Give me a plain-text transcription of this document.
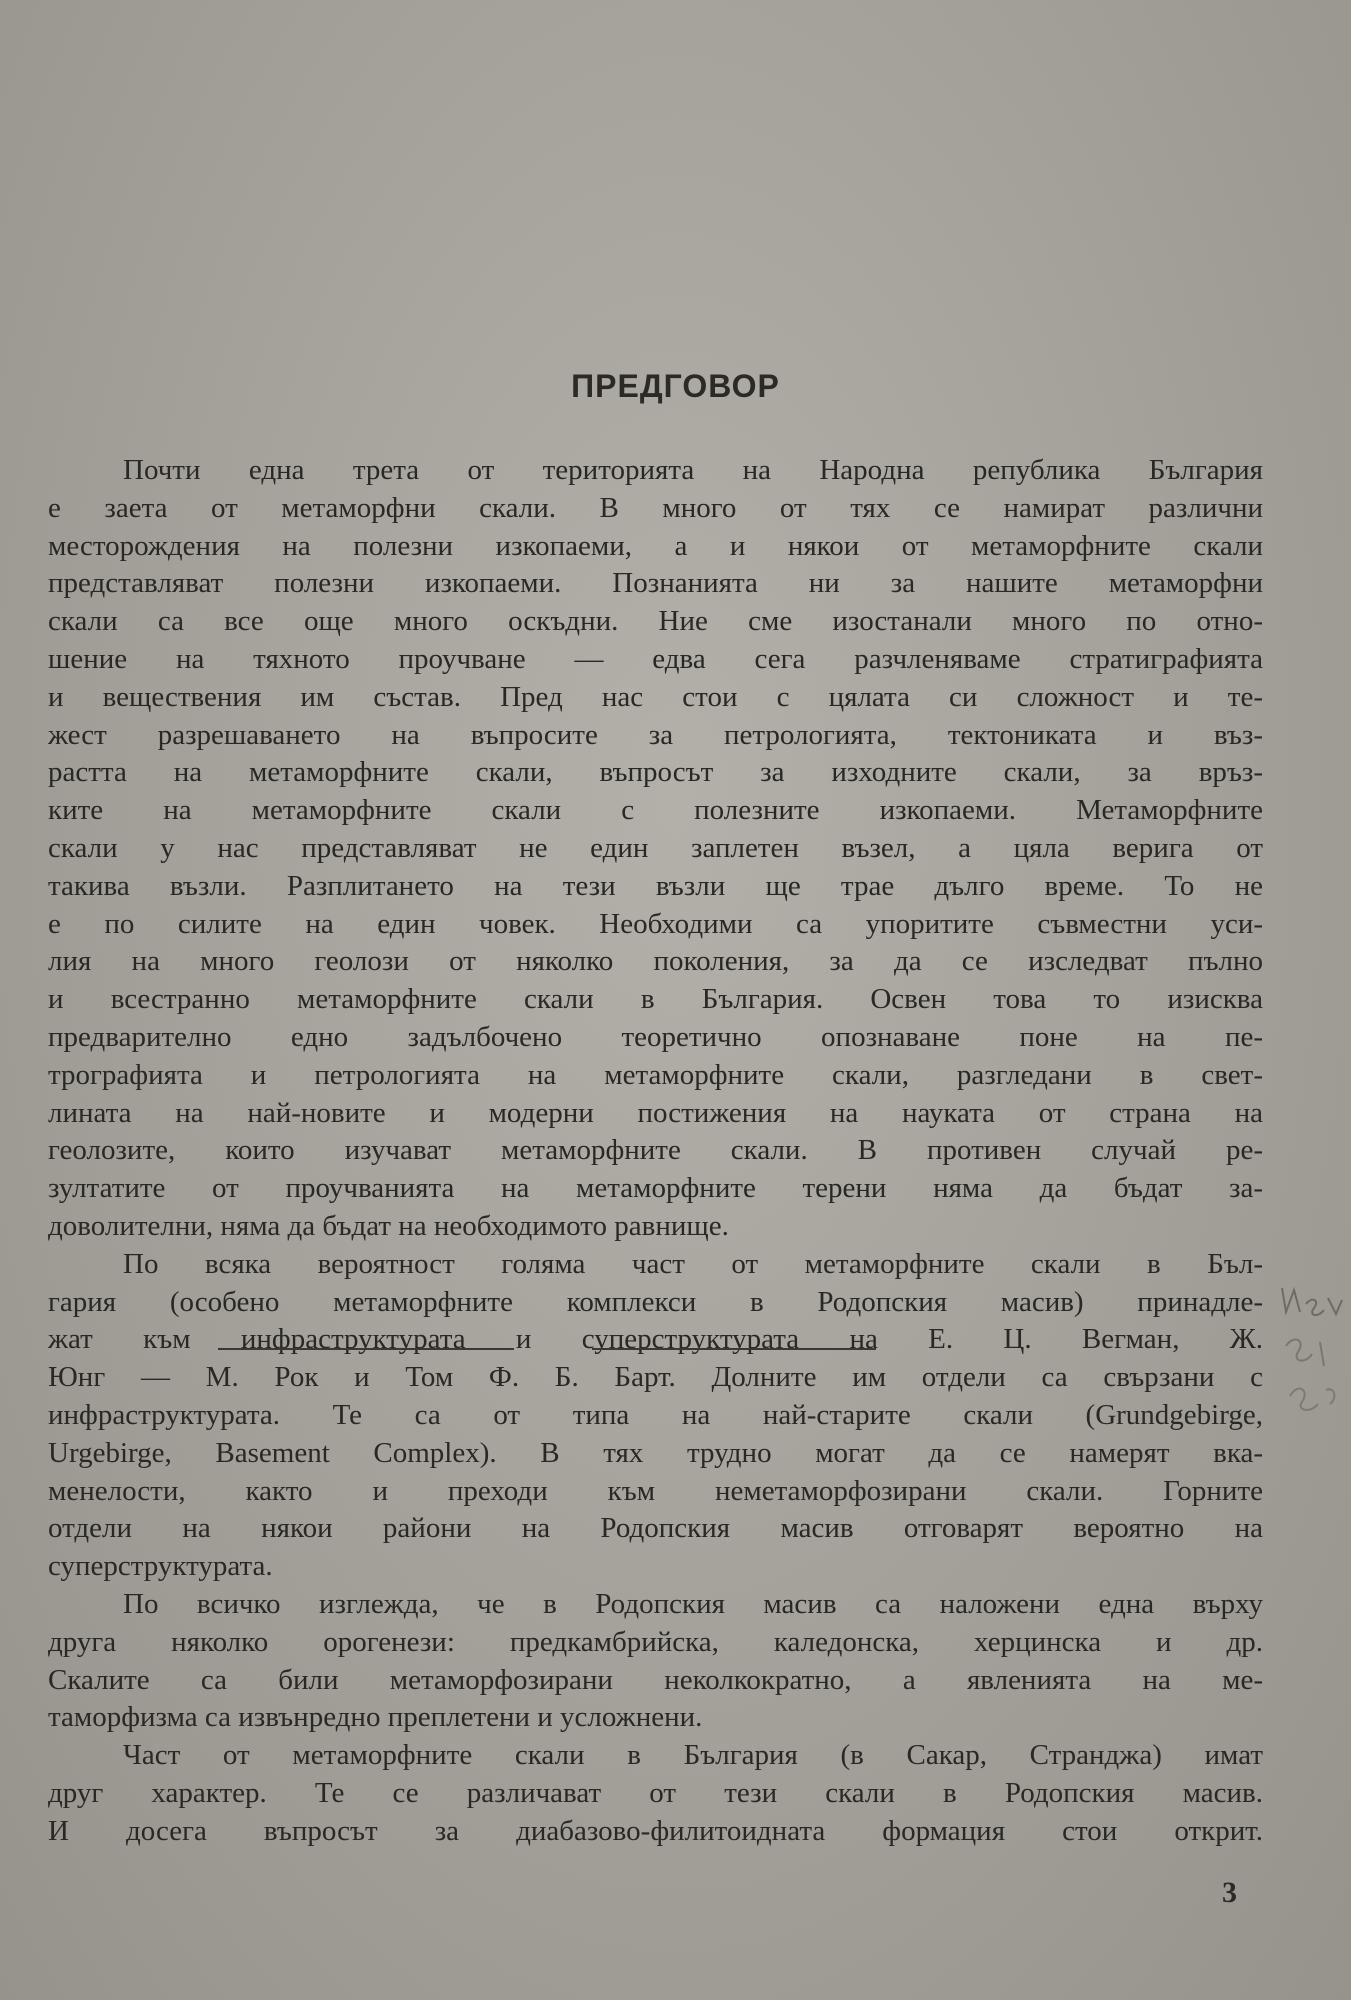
ПРЕДГОВОР
Почти една трета от територията на Народна република България
е заета от метаморфни скали. В много от тях се намират различни
месторождения на полезни изкопаеми, а и някои от метаморфните скали
представляват полезни изкопаеми. Познанията ни за нашите метаморфни
скали са все още много оскъдни. Ние сме изостанали много по отно-
шение на тяхното проучване — едва сега разчленяваме стратиграфията
и веществения им състав. Пред нас стои с цялата си сложност и те-
жест разрешаването на въпросите за петрологията, тектониката и въз-
растта на метаморфните скали, въпросът за изходните скали, за връз-
ките на метаморфните скали с полезните изкопаеми. Метаморфните
скали у нас представляват не един заплетен възел, а цяла верига от
такива възли. Разплитането на тези възли ще трае дълго време. То не
е по силите на един човек. Необходими са упоритите съвместни уси-
лия на много геолози от няколко поколения, за да се изследват пълно
и всестранно метаморфните скали в България. Освен това то изисква
предварително едно задълбочено теоретично опознаване поне на пе-
трографията и петрологията на метаморфните скали, разгледани в свет-
лината на най-новите и модерни постижения на науката от страна на
геолозите, които изучават метаморфните скали. В противен случай ре-
зултатите от проучванията на метаморфните терени няма да бъдат за-
доволителни, няма да бъдат на необходимото равнище.
По всяка вероятност голяма част от метаморфните скали в Бъл-
гария (особено метаморфните комплекси в Родопския масив) принадле-
жат към инфраструктурата и суперструктурата на Е. Ц. Вегман, Ж.
Юнг — М. Рок и Том Ф. Б. Барт. Долните им отдели са свързани с
инфраструктурата. Те са от типа на най-старите скали (Grundgebirge,
Urgebirge, Basement Complex). В тях трудно могат да се намерят вка-
менелости, както и преходи към неметаморфозирани скали. Горните
отдели на някои райони на Родопския масив отговарят вероятно на
суперструктурата.
По всичко изглежда, че в Родопския масив са наложени една върху
друга няколко орогенези: предкамбрийска, каледонска, херцинска и др.
Скалите са били метаморфозирани неколкократно, а явленията на ме-
таморфизма са извънредно преплетени и усложнени.
Част от метаморфните скали в България (в Сакар, Странджа) имат
друг характер. Те се различават от тези скали в Родопския масив.
И досега въпросът за диабазово-филитоидната формация стои открит.
3
